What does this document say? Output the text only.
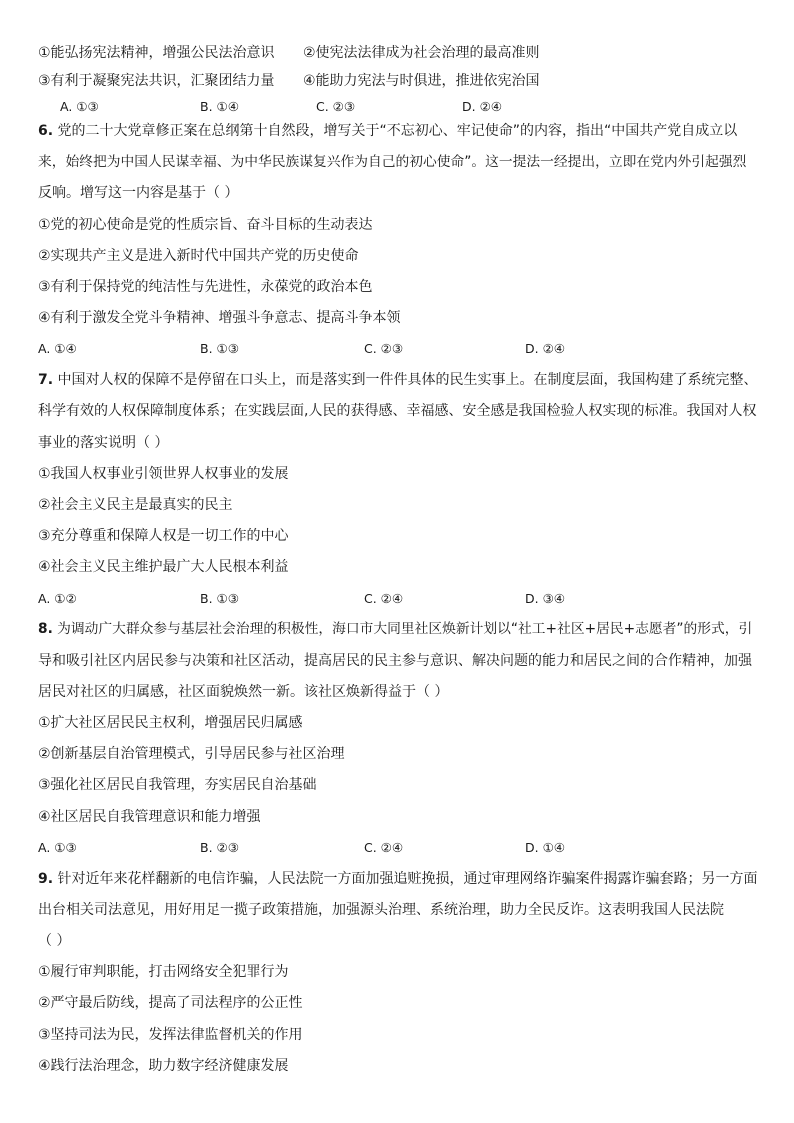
①能弘扬宪法精神，增强公民法治意识 ②使宪法法律成为社会治理的最高准则
③有利于凝聚宪法共识，汇聚团结力量 ④能助力宪法与时俱进，推进依宪治国
A. ①③	B. ①④	C. ②③	D. ②④
6. 党的二十大党章修正案在总纲第十自然段，增写关于“不忘初心、牢记使命”的内容，指出“中国共产党自成立以
来，始终把为中国人民谋幸福、为中华民族谋复兴作为自己的初心使命”。这一提法一经提出，立即在党内外引起强烈
反响。增写这一内容是基于（ ）
①党的初心使命是党的性质宗旨、奋斗目标的生动表达
②实现共产主义是进入新时代中国共产党的历史使命
③有利于保持党的纯洁性与先进性，永葆党的政治本色
④有利于激发全党斗争精神、增强斗争意志、提高斗争本领
A. ①④	B. ①③	C. ②③	D. ②④
7. 中国对人权的保障不是停留在口头上，而是落实到一件件具体的民生实事上。在制度层面，我国构建了系统完整、
科学有效的人权保障制度体系；在实践层面,人民的获得感、幸福感、安全感是我国检验人权实现的标准。我国对人权
事业的落实说明（ ）
①我国人权事业引领世界人权事业的发展
②社会主义民主是最真实的民主
③充分尊重和保障人权是一切工作的中心
④社会主义民主维护最广大人民根本利益
A. ①②	B. ①③	C. ②④	D. ③④
8. 为调动广大群众参与基层社会治理的积极性，海口市大同里社区焕新计划以“社工+社区+居民+志愿者”的形式，引
导和吸引社区内居民参与决策和社区活动，提高居民的民主参与意识、解决问题的能力和居民之间的合作精神，加强
居民对社区的归属感，社区面貌焕然一新。该社区焕新得益于（ ）
①扩大社区居民民主权利，增强居民归属感
②创新基层自治管理模式，引导居民参与社区治理
③强化社区居民自我管理，夯实居民自治基础
④社区居民自我管理意识和能力增强
A. ①③	B. ②③	C. ②④	D. ①④
9. 针对近年来花样翻新的电信诈骗，人民法院一方面加强追赃挽损，通过审理网络诈骗案件揭露诈骗套路；另一方面
出台相关司法意见，用好用足一揽子政策措施，加强源头治理、系统治理，助力全民反诈。这表明我国人民法院
（ ）
①履行审判职能，打击网络安全犯罪行为
②严守最后防线，提高了司法程序的公正性
③坚持司法为民，发挥法律监督机关的作用
④践行法治理念，助力数字经济健康发展
